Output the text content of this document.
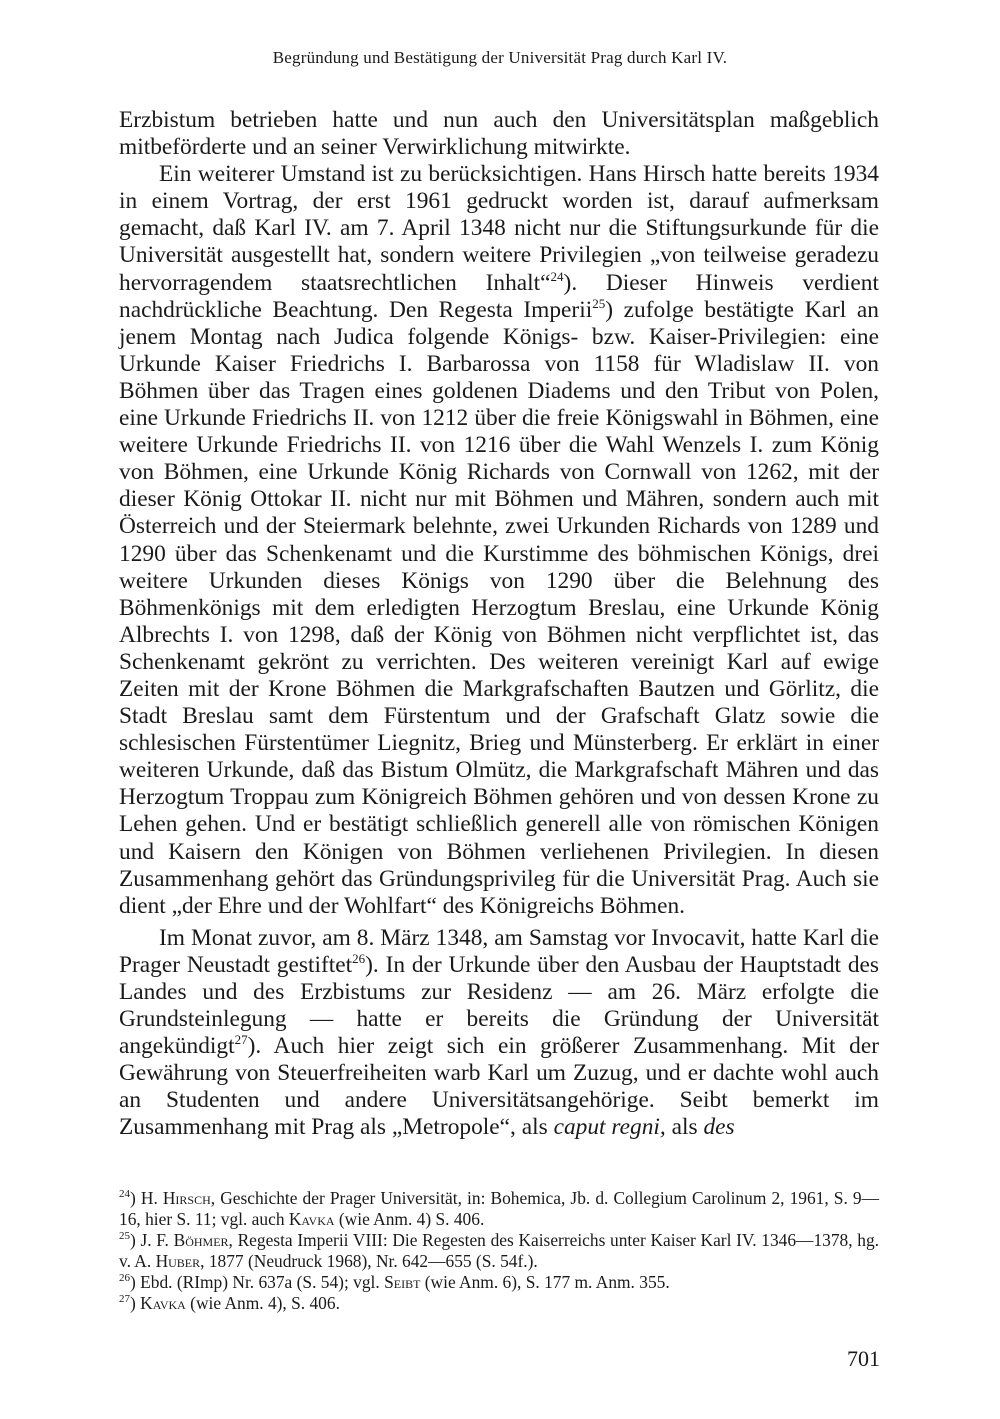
Begründung und Bestätigung der Universität Prag durch Karl IV.

Erzbistum betrieben hatte und nun auch den Universitätsplan maßgeblich mitbeförderte und an seiner Verwirklichung mitwirkte.

Ein weiterer Umstand ist zu berücksichtigen. Hans Hirsch hatte bereits 1934 in einem Vortrag, der erst 1961 gedruckt worden ist, darauf aufmerksam gemacht, daß Karl IV. am 7. April 1348 nicht nur die Stiftungsurkunde für die Universität ausgestellt hat, sondern weitere Privilegien „von teilweise geradezu hervorragendem staatsrechtlichen Inhalt“$^{24}$). Dieser Hinweis verdient nachdrückliche Beachtung. Den Regesta Imperii$^{25}$) zufolge bestätigte Karl an jenem Montag nach Judica folgende Königs- bzw. Kaiser-Privilegien: eine Urkunde Kaiser Friedrichs I. Barbarossa von 1158 für Wladislaw II. von Böhmen über das Tragen eines goldenen Diadems und den Tribut von Polen, eine Urkunde Friedrichs II. von 1212 über die freie Königswahl in Böhmen, eine weitere Urkunde Friedrichs II. von 1216 über die Wahl Wenzels I. zum König von Böhmen, eine Urkunde König Richards von Cornwall von 1262, mit der dieser König Ottokar II. nicht nur mit Böhmen und Mähren, sondern auch mit Österreich und der Steiermark belehnte, zwei Urkunden Richards von 1289 und 1290 über das Schenkenamt und die Kurstimme des böhmischen Königs, drei weitere Urkunden dieses Königs von 1290 über die Belehnung des Böhmenkönigs mit dem erledigten Herzogtum Breslau, eine Urkunde König Albrechts I. von 1298, daß der König von Böhmen nicht verpflichtet ist, das Schenkenamt gekrönt zu verrichten. Des weiteren vereinigt Karl auf ewige Zeiten mit der Krone Böhmen die Markgrafschaften Bautzen und Görlitz, die Stadt Breslau samt dem Fürstentum und der Grafschaft Glatz sowie die schlesischen Fürstentümer Liegnitz, Brieg und Münsterberg. Er erklärt in einer weiteren Urkunde, daß das Bistum Olmütz, die Markgrafschaft Mähren und das Herzogtum Troppau zum Königreich Böhmen gehören und von dessen Krone zu Lehen gehen. Und er bestätigt schließlich generell alle von römischen Königen und Kaisern den Königen von Böhmen verliehenen Privilegien. In diesen Zusammenhang gehört das Gründungsprivileg für die Universität Prag. Auch sie dient „der Ehre und der Wohlfart“ des Königreichs Böhmen.

Im Monat zuvor, am 8. März 1348, am Samstag vor Invocavit, hatte Karl die Prager Neustadt gestiftet$^{26}$). In der Urkunde über den Ausbau der Hauptstadt des Landes und des Erzbistums zur Residenz — am 26. März erfolgte die Grundsteinlegung — hatte er bereits die Gründung der Universität angekündigt$^{27}$). Auch hier zeigt sich ein größerer Zusammenhang. Mit der Gewährung von Steuerfreiheiten warb Karl um Zuzug, und er dachte wohl auch an Studenten und andere Universitätsangehörige. Seibt bemerkt im Zusammenhang mit Prag als „Metropole“, als caput regni, als des

$^{24}$) H. Hirsch, Geschichte der Prager Universität, in: Bohemica, Jb. d. Collegium Carolinum 2, 1961, S. 9—16, hier S. 11; vgl. auch Kavka (wie Anm. 4) S. 406.

$^{25}$) J. F. Böhmer, Regesta Imperii VIII: Die Regesten des Kaiserreichs unter Kaiser Karl IV. 1346—1378, hg. v. A. Huber, 1877 (Neudruck 1968), Nr. 642—655 (S. 54f.).

$^{26}$) Ebd. (RImp) Nr. 637a (S. 54); vgl. Seibt (wie Anm. 6), S. 177 m. Anm. 355.

$^{27}$) Kavka (wie Anm. 4), S. 406.

701
